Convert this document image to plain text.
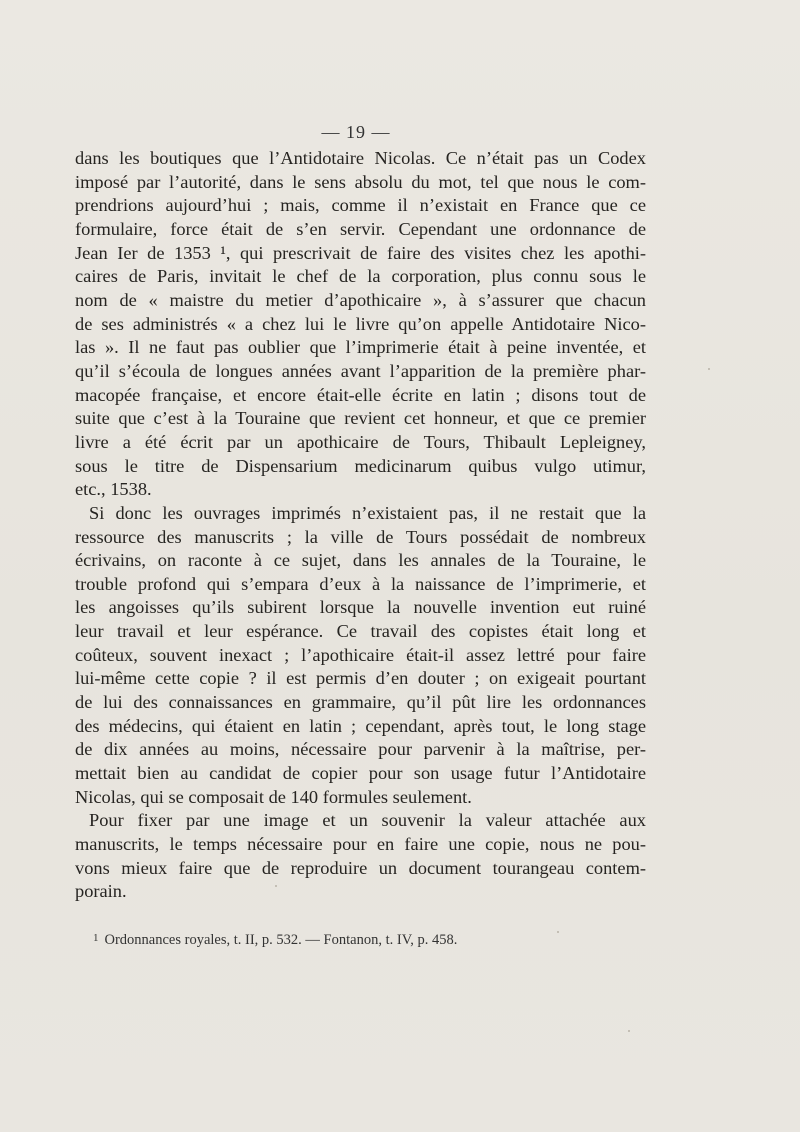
— 19 —

dans les boutiques que l’Antidotaire Nicolas. Ce n’était pas un Codex
imposé par l’autorité, dans le sens absolu du mot, tel que nous le com-
prendrions aujourd’hui ; mais, comme il n’existait en France que ce
formulaire, force était de s’en servir. Cependant une ordonnance de
Jean Ier de 1353 ¹, qui prescrivait de faire des visites chez les apothi-
caires de Paris, invitait le chef de la corporation, plus connu sous le
nom de « maistre du metier d’apothicaire », à s’assurer que chacun
de ses administrés « a chez lui le livre qu’on appelle Antidotaire Nico-
las ». Il ne faut pas oublier que l’imprimerie était à peine inventée, et
qu’il s’écoula de longues années avant l’apparition de la première phar-
macopée française, et encore était-elle écrite en latin ; disons tout de
suite que c’est à la Touraine que revient cet honneur, et que ce premier
livre a été écrit par un apothicaire de Tours, Thibault Lepleigney,
sous le titre de Dispensarium medicinarum quibus vulgo utimur,
etc., 1538.

Si donc les ouvrages imprimés n’existaient pas, il ne restait que la
ressource des manuscrits ; la ville de Tours possédait de nombreux
écrivains, on raconte à ce sujet, dans les annales de la Touraine, le
trouble profond qui s’empara d’eux à la naissance de l’imprimerie, et
les angoisses qu’ils subirent lorsque la nouvelle invention eut ruiné
leur travail et leur espérance. Ce travail des copistes était long et
coûteux, souvent inexact ; l’apothicaire était-il assez lettré pour faire
lui-même cette copie ? il est permis d’en douter ; on exigeait pourtant
de lui des connaissances en grammaire, qu’il pût lire les ordonnances
des médecins, qui étaient en latin ; cependant, après tout, le long stage
de dix années au moins, nécessaire pour parvenir à la maîtrise, per-
mettait bien au candidat de copier pour son usage futur l’Antidotaire
Nicolas, qui se composait de 140 formules seulement.

Pour fixer par une image et un souvenir la valeur attachée aux
manuscrits, le temps nécessaire pour en faire une copie, nous ne pou-
vons mieux faire que de reproduire un document tourangeau contem-
porain.

$^1$ Ordonnances royales, t. II, p. 532. — Fontanon, t. IV, p. 458.
